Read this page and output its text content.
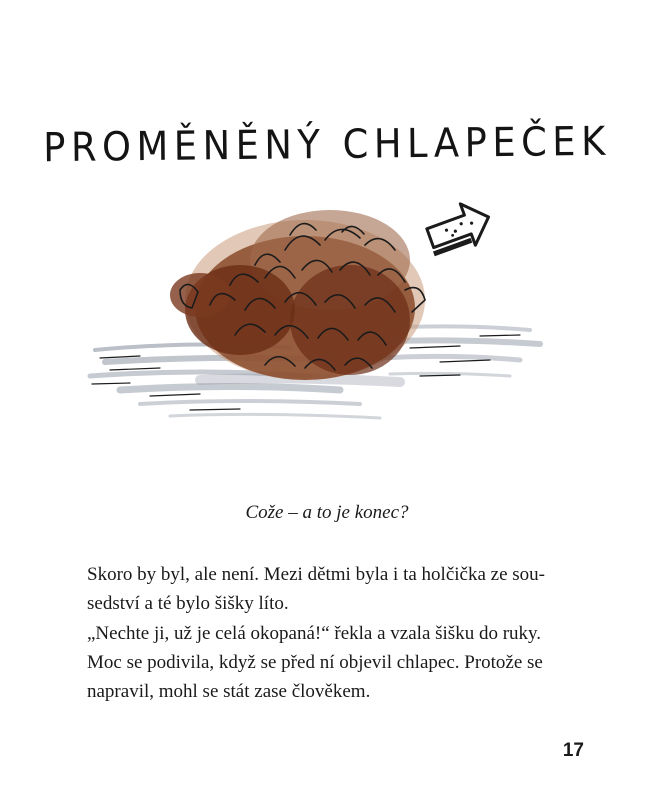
PROMĚNĚNÝ CHLAPEČEK
Cože – a to je konec?

Skoro by byl, ale není. Mezi dětmi byla i ta holčička ze sou-
sedství a té bylo šišky líto.
„Nechte ji, už je celá okopaná!“ řekla a vzala šišku do ruky.
Moc se podivila, když se před ní objevil chlapec. Protože se
napravil, mohl se stát zase člověkem.

17
